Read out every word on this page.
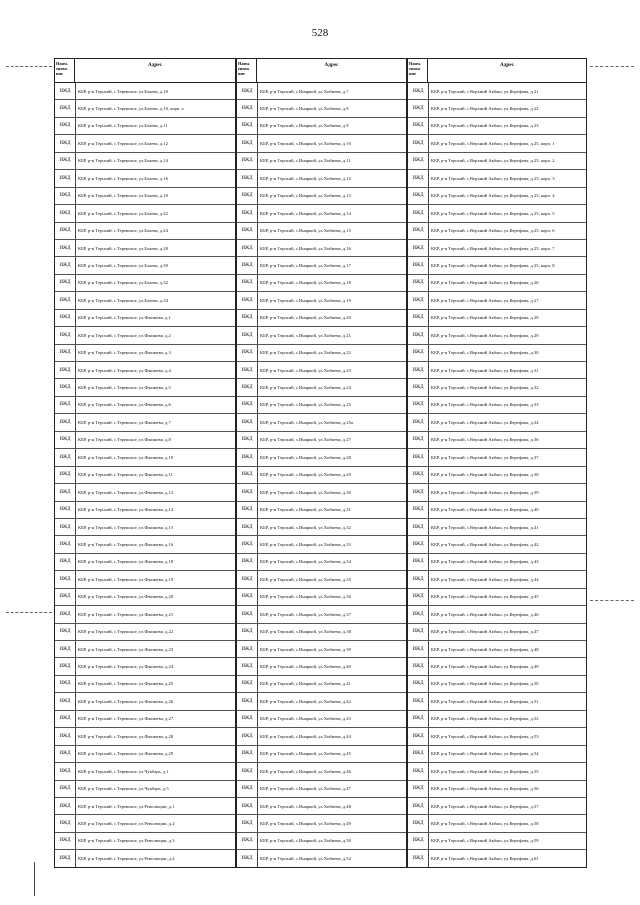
528
Наим. енова ние
Адрес
ИЖД	КБР, р-н Терский, с.Терекское, ул.Блаева, д.10
ИЖД	КБР, р-н Терский, с.Терекское, ул.Блаева, д.10, корп. а
ИЖД	КБР, р-н Терский, с.Терекское, ул.Блаева, д.11
ИЖД	КБР, р-н Терский, с.Терекское, ул.Блаева, д.12
ИЖД	КБР, р-н Терский, с.Терекское, ул.Блаева, д.14
ИЖД	КБР, р-н Терский, с.Терекское, ул.Блаева, д.16
ИЖД	КБР, р-н Терский, с.Терекское, ул.Блаева, д.18
ИЖД	КБР, р-н Терский, с.Терекское, ул.Блаева, д.22
ИЖД	КБР, р-н Терский, с.Терекское, ул.Блаева, д.24
ИЖД	КБР, р-н Терский, с.Терекское, ул.Блаева, д.28
ИЖД	КБР, р-н Терский, с.Терекское, ул.Блаева, д.30
ИЖД	КБР, р-н Терский, с.Терекское, ул.Блаева, д.32
ИЖД	КБР, р-н Терский, с.Терекское, ул.Блаева, д.34
ИЖД	КБР, р-н Терский, с.Терекское, ул.Фашмева, д.1
ИЖД	КБР, р-н Терский, с.Терекское, ул.Фашмева, д.2
ИЖД	КБР, р-н Терский, с.Терекское, ул.Фашмева, д.3
ИЖД	КБР, р-н Терский, с.Терекское, ул.Фашмева, д.4
ИЖД	КБР, р-н Терский, с.Терекское, ул.Фашмева, д.5
ИЖД	КБР, р-н Терский, с.Терекское, ул.Фашмева, д.6
ИЖД	КБР, р-н Терский, с.Терекское, ул.Фашмева, д.7
ИЖД	КБР, р-н Терский, с.Терекское, ул.Фашмева, д.8
ИЖД	КБР, р-н Терский, с.Терекское, ул.Фашмева, д.10
ИЖД	КБР, р-н Терский, с.Терекское, ул.Фашмева, д.11
ИЖД	КБР, р-н Терский, с.Терекское, ул.Фашмева, д.12
ИЖД	КБР, р-н Терский, с.Терекское, ул.Фашмева, д.14
ИЖД	КБР, р-н Терский, с.Терекское, ул.Фашмева, д.15
ИЖД	КБР, р-н Терский, с.Терекское, ул.Фашмева, д.16
ИЖД	КБР, р-н Терский, с.Терекское, ул.Фашмева, д.18
ИЖД	КБР, р-н Терский, с.Терекское, ул.Фашмева, д.19
ИЖД	КБР, р-н Терский, с.Терекское, ул.Фашмева, д.20
ИЖД	КБР, р-н Терский, с.Терекское, ул.Фашмева, д.21
ИЖД	КБР, р-н Терский, с.Терекское, ул.Фашмева, д.22
ИЖД	КБР, р-н Терский, с.Терекское, ул.Фашмева, д.23
ИЖД	КБР, р-н Терский, с.Терекское, ул.Фашмева, д.24
ИЖД	КБР, р-н Терский, с.Терекское, ул.Фашмева, д.25
ИЖД	КБР, р-н Терский, с.Терекское, ул.Фашмева, д.26
ИЖД	КБР, р-н Терский, с.Терекское, ул.Фашмева, д.27
ИЖД	КБР, р-н Терский, с.Терекское, ул.Фашмева, д.28
ИЖД	КБР, р-н Терский, с.Терекское, ул.Фашмева, д.29
ИЖД	КБР, р-н Терский, с.Терекское, ул.Чукбарь, д.1
ИЖД	КБР, р-н Терский, с.Терекское, ул.Чукбарь, д.5
ИЖД	КБР, р-н Терский, с.Терекское, ул.Революции, д.1
ИЖД	КБР, р-н Терский, с.Терекское, ул.Революции, д.2
ИЖД	КБР, р-н Терский, с.Терекское, ул.Революции, д.3
ИЖД	КБР, р-н Терский, с.Терекское, ул.Революции, д.4
Наим. енова ние
Адрес
ИЖД	КБР, р-н Терский, с.Инаркой, ул.Хибиева, д.7
ИЖД	КБР, р-н Терский, с.Инаркой, ул.Хибиева, д.8
ИЖД	КБР, р-н Терский, с.Инаркой, ул.Хибиева, д.9
ИЖД	КБР, р-н Терский, с.Инаркой, ул.Хибиева, д.10
ИЖД	КБР, р-н Терский, с.Инаркой, ул.Хибиева, д.11
ИЖД	КБР, р-н Терский, с.Инаркой, ул.Хибиева, д.12
ИЖД	КБР, р-н Терский, с.Инаркой, ул.Хибиева, д.13
ИЖД	КБР, р-н Терский, с.Инаркой, ул.Хибиева, д.14
ИЖД	КБР, р-н Терский, с.Инаркой, ул.Хибиева, д.15
ИЖД	КБР, р-н Терский, с.Инаркой, ул.Хибиева, д.16
ИЖД	КБР, р-н Терский, с.Инаркой, ул.Хибиева, д.17
ИЖД	КБР, р-н Терский, с.Инаркой, ул.Хибиева, д.18
ИЖД	КБР, р-н Терский, с.Инаркой, ул.Хибиева, д.19
ИЖД	КБР, р-н Терский, с.Инаркой, ул.Хибиева, д.20
ИЖД	КБР, р-н Терский, с.Инаркой, ул.Хибиева, д.21
ИЖД	КБР, р-н Терский, с.Инаркой, ул.Хибиева, д.22
ИЖД	КБР, р-н Терский, с.Инаркой, ул.Хибиева, д.23
ИЖД	КБР, р-н Терский, с.Инаркой, ул.Хибиева, д.24
ИЖД	КБР, р-н Терский, с.Инаркой, ул.Хибиева, д.25
ИЖД	КБР, р-н Терский, с.Инаркой, ул.Хибиева, д.25а
ИЖД	КБР, р-н Терский, с.Инаркой, ул.Хибиева, д.27
ИЖД	КБР, р-н Терский, с.Инаркой, ул.Хибиева, д.28
ИЖД	КБР, р-н Терский, с.Инаркой, ул.Хибиева, д.29
ИЖД	КБР, р-н Терский, с.Инаркой, ул.Хибиева, д.30
ИЖД	КБР, р-н Терский, с.Инаркой, ул.Хибиева, д.31
ИЖД	КБР, р-н Терский, с.Инаркой, ул.Хибиева, д.32
ИЖД	КБР, р-н Терский, с.Инаркой, ул.Хибиева, д.33
ИЖД	КБР, р-н Терский, с.Инаркой, ул.Хибиева, д.34
ИЖД	КБР, р-н Терский, с.Инаркой, ул.Хибиева, д.35
ИЖД	КБР, р-н Терский, с.Инаркой, ул.Хибиева, д.36
ИЖД	КБР, р-н Терский, с.Инаркой, ул.Хибиева, д.37
ИЖД	КБР, р-н Терский, с.Инаркой, ул.Хибиева, д.38
ИЖД	КБР, р-н Терский, с.Инаркой, ул.Хибиева, д.39
ИЖД	КБР, р-н Терский, с.Инаркой, ул.Хибиева, д.40
ИЖД	КБР, р-н Терский, с.Инаркой, ул.Хибиева, д.41
ИЖД	КБР, р-н Терский, с.Инаркой, ул.Хибиева, д.42
ИЖД	КБР, р-н Терский, с.Инаркой, ул.Хибиева, д.43
ИЖД	КБР, р-н Терский, с.Инаркой, ул.Хибиева, д.44
ИЖД	КБР, р-н Терский, с.Инаркой, ул.Хибиева, д.45
ИЖД	КБР, р-н Терский, с.Инаркой, ул.Хибиева, д.46
ИЖД	КБР, р-н Терский, с.Инаркой, ул.Хибиева, д.47
ИЖД	КБР, р-н Терский, с.Инаркой, ул.Хибиева, д.48
ИЖД	КБР, р-н Терский, с.Инаркой, ул.Хибиева, д.49
ИЖД	КБР, р-н Терский, с.Инаркой, ул.Хибиева, д.50
ИЖД	КБР, р-н Терский, с.Инаркой, ул.Хибиева, д.52
Наим. енова ние
Адрес
ИЖД	КБР, р-н Терский, с.Верхний Акбаш, ул.Керефова, д.21
ИЖД	КБР, р-н Терский, с.Верхний Акбаш, ул.Керефова, д.22
ИЖД	КБР, р-н Терский, с.Верхний Акбаш, ул.Керефова, д.23
ИЖД	КБР, р-н Терский, с.Верхний Акбаш, ул.Керефова, д.25, корп. 1
ИЖД	КБР, р-н Терский, с.Верхний Акбаш, ул.Керефова, д.25, корп. 2
ИЖД	КБР, р-н Терский, с.Верхний Акбаш, ул.Керефова, д.25, корп. 3
ИЖД	КБР, р-н Терский, с.Верхний Акбаш, ул.Керефова, д.25, корп. 4
ИЖД	КБР, р-н Терский, с.Верхний Акбаш, ул.Керефова, д.25, корп. 5
ИЖД	КБР, р-н Терский, с.Верхний Акбаш, ул.Керефова, д.25, корп. 6
ИЖД	КБР, р-н Терский, с.Верхний Акбаш, ул.Керефова, д.25, корп. 7
ИЖД	КБР, р-н Терский, с.Верхний Акбаш, ул.Керефова, д.25, корп. 8
ИЖД	КБР, р-н Терский, с.Верхний Акбаш, ул.Керефова, д.26
ИЖД	КБР, р-н Терский, с.Верхний Акбаш, ул.Керефова, д.27
ИЖД	КБР, р-н Терский, с.Верхний Акбаш, ул.Керефова, д.28
ИЖД	КБР, р-н Терский, с.Верхний Акбаш, ул.Керефова, д.29
ИЖД	КБР, р-н Терский, с.Верхний Акбаш, ул.Керефова, д.30
ИЖД	КБР, р-н Терский, с.Верхний Акбаш, ул.Керефова, д.31
ИЖД	КБР, р-н Терский, с.Верхний Акбаш, ул.Керефова, д.32
ИЖД	КБР, р-н Терский, с.Верхний Акбаш, ул.Керефова, д.33
ИЖД	КБР, р-н Терский, с.Верхний Акбаш, ул.Керефова, д.34
ИЖД	КБР, р-н Терский, с.Верхний Акбаш, ул.Керефова, д.36
ИЖД	КБР, р-н Терский, с.Верхний Акбаш, ул.Керефова, д.37
ИЖД	КБР, р-н Терский, с.Верхний Акбаш, ул.Керефова, д.38
ИЖД	КБР, р-н Терский, с.Верхний Акбаш, ул.Керефова, д.39
ИЖД	КБР, р-н Терский, с.Верхний Акбаш, ул.Керефова, д.40
ИЖД	КБР, р-н Терский, с.Верхний Акбаш, ул.Керефова, д.41
ИЖД	КБР, р-н Терский, с.Верхний Акбаш, ул.Керефова, д.42
ИЖД	КБР, р-н Терский, с.Верхний Акбаш, ул.Керефова, д.43
ИЖД	КБР, р-н Терский, с.Верхний Акбаш, ул.Керефова, д.44
ИЖД	КБР, р-н Терский, с.Верхний Акбаш, ул.Керефова, д.45
ИЖД	КБР, р-н Терский, с.Верхний Акбаш, ул.Керефова, д.46
ИЖД	КБР, р-н Терский, с.Верхний Акбаш, ул.Керефова, д.47
ИЖД	КБР, р-н Терский, с.Верхний Акбаш, ул.Керефова, д.48
ИЖД	КБР, р-н Терский, с.Верхний Акбаш, ул.Керефова, д.49
ИЖД	КБР, р-н Терский, с.Верхний Акбаш, ул.Керефова, д.50
ИЖД	КБР, р-н Терский, с.Верхний Акбаш, ул.Керефова, д.51
ИЖД	КБР, р-н Терский, с.Верхний Акбаш, ул.Керефова, д.52
ИЖД	КБР, р-н Терский, с.Верхний Акбаш, ул.Керефова, д.53
ИЖД	КБР, р-н Терский, с.Верхний Акбаш, ул.Керефова, д.54
ИЖД	КБР, р-н Терский, с.Верхний Акбаш, ул.Керефова, д.55
ИЖД	КБР, р-н Терский, с.Верхний Акбаш, ул.Керефова, д.56
ИЖД	КБР, р-н Терский, с.Верхний Акбаш, ул.Керефова, д.57
ИЖД	КБР, р-н Терский, с.Верхний Акбаш, ул.Керефова, д.58
ИЖД	КБР, р-н Терский, с.Верхний Акбаш, ул.Керефова, д.59
ИЖД	КБР, р-н Терский, с.Верхний Акбаш, ул.Керефова, д.61
